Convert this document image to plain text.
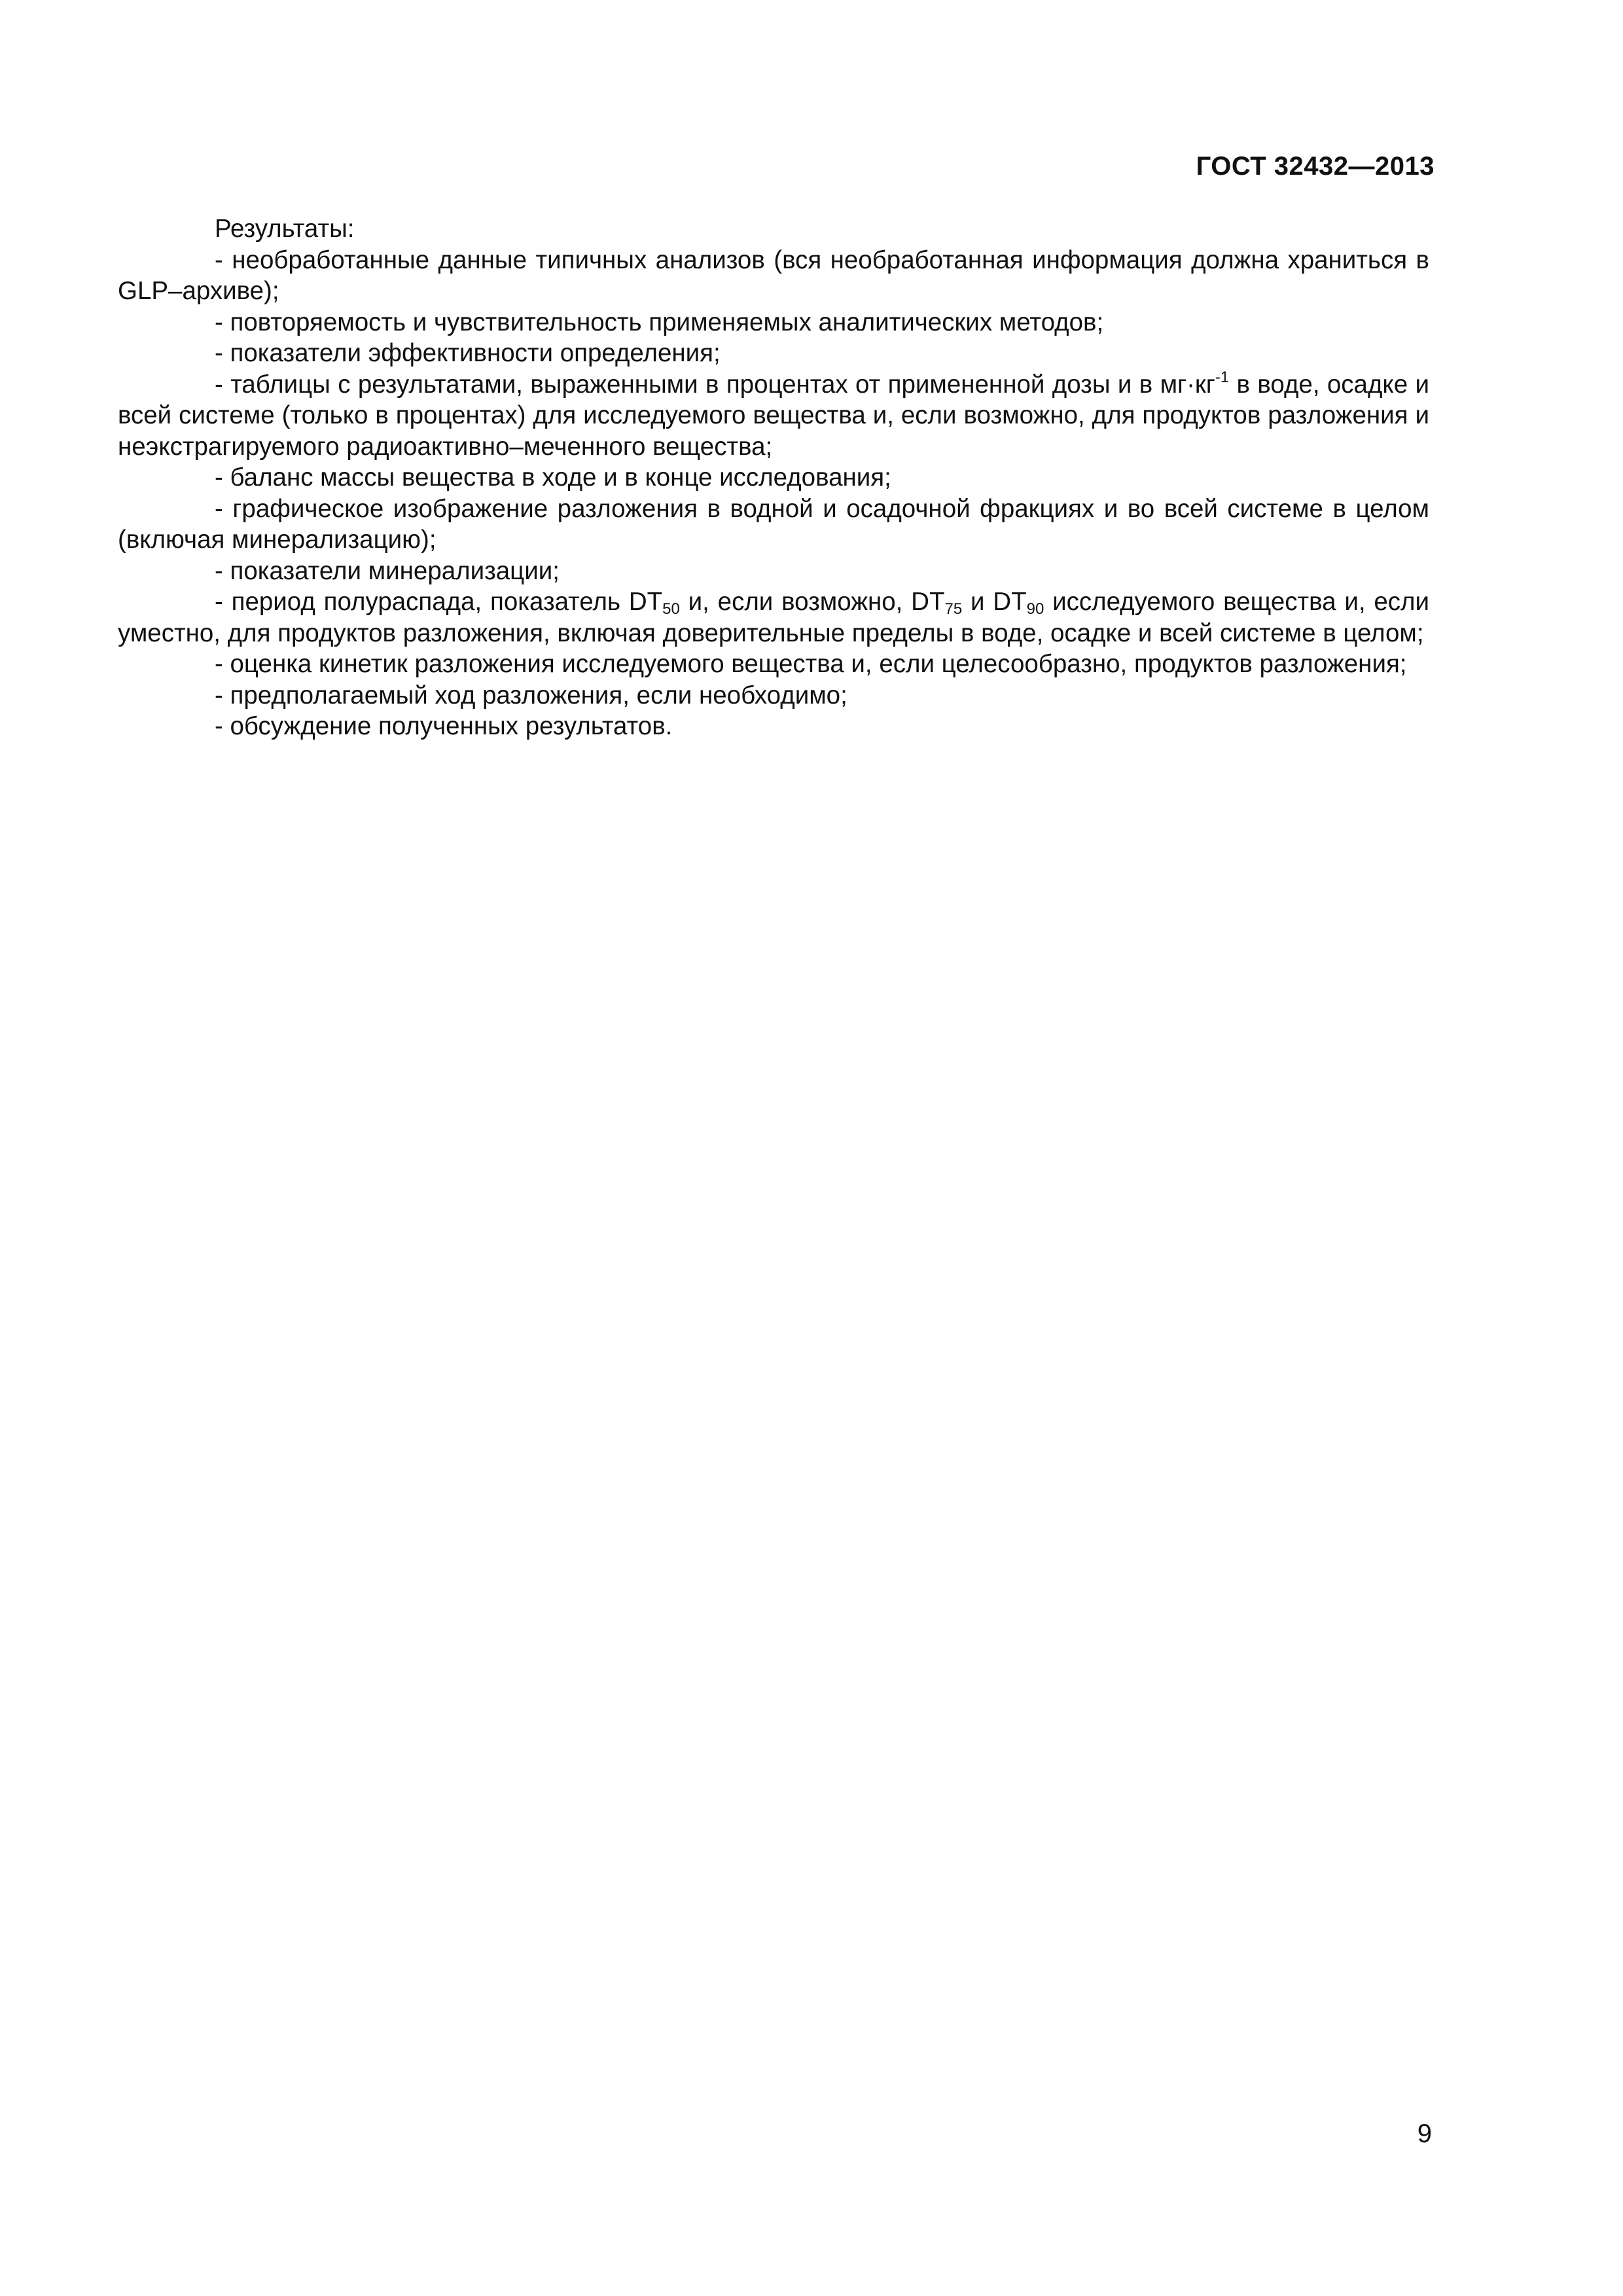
ГОСТ 32432—2013

Результаты:

- необработанные данные типичных анализов (вся необработанная информация должна храниться в GLP–архиве);

- повторяемость и чувствительность применяемых аналитических методов;

- показатели эффективности определения;

- таблицы с результатами, выраженными в процентах от примененной дозы и в $мг\cdot кг^{-1}$ в воде, осадке и всей системе (только в процентах) для исследуемого вещества и, если возможно, для продуктов разложения и неэкстрагируемого радиоактивно–меченного вещества;

- баланс массы вещества в ходе и в конце исследования;

- графическое изображение разложения в водной и осадочной фракциях и во всей системе в целом (включая минерализацию);

- показатели минерализации;

- период полураспада, показатель $DT_{50}$ и, если возможно, $DT_{75}$ и $DT_{90}$ исследуемого вещества и, если уместно, для продуктов разложения, включая доверительные пределы в воде, осадке и всей системе в целом;

- оценка кинетик разложения исследуемого вещества и, если целесообразно, продуктов разложения;

- предполагаемый ход разложения, если необходимо;

- обсуждение полученных результатов.

9
